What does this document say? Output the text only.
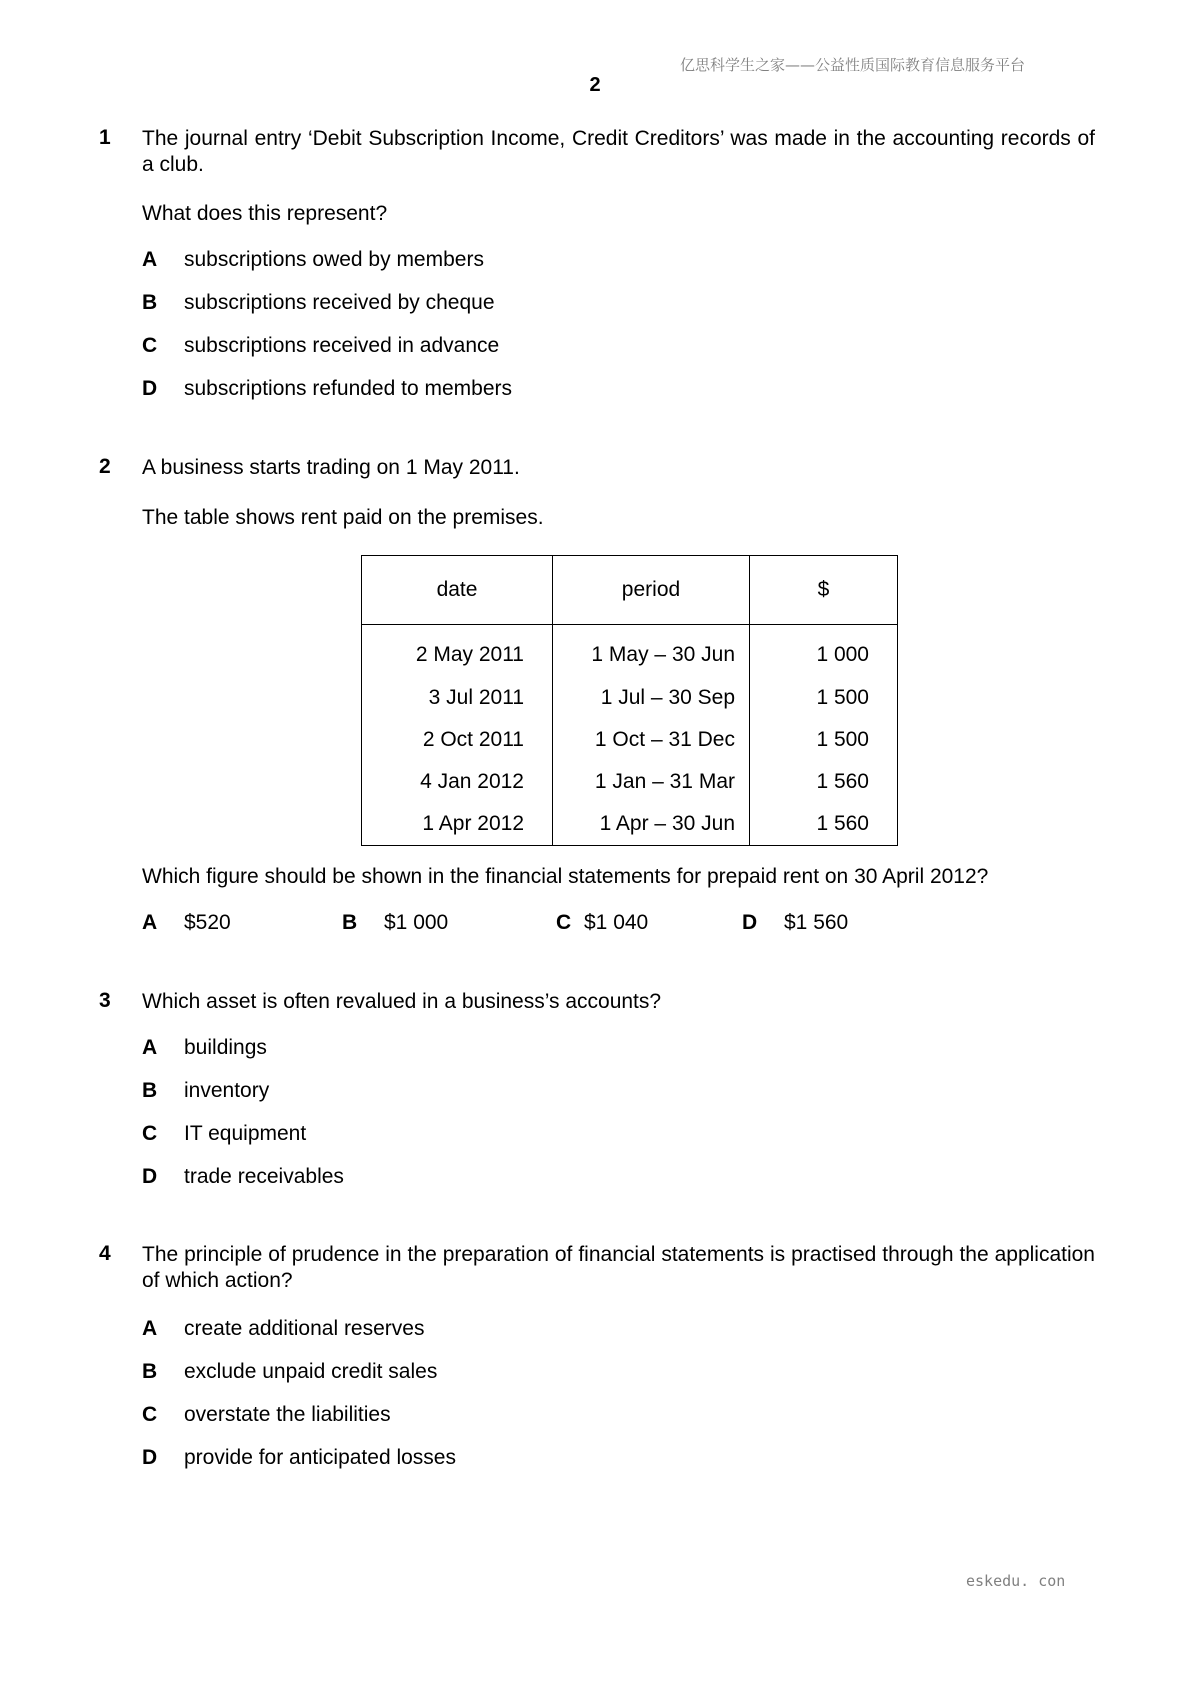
亿思科学生之家——公益性质国际教育信息服务平台
2
1 The journal entry ‘Debit Subscription Income, Credit Creditors’ was made in the accounting records of a club.
What does this represent?
A subscriptions owed by members
B subscriptions received by cheque
C subscriptions received in advance
D subscriptions refunded to members
2 A business starts trading on 1 May 2011.
The table shows rent paid on the premises.
date	period	$
2 May 2011	1 May – 30 Jun	1 000
3 Jul 2011	1 Jul – 30 Sep	1 500
2 Oct 2011	1 Oct – 31 Dec	1 500
4 Jan 2012	1 Jan – 31 Mar	1 560
1 Apr 2012	1 Apr – 30 Jun	1 560
Which figure should be shown in the financial statements for prepaid rent on 30 April 2012?
A $520	B $1 000	C $1 040	D $1 560
3 Which asset is often revalued in a business’s accounts?
A buildings
B inventory
C IT equipment
D trade receivables
4 The principle of prudence in the preparation of financial statements is practised through the application of which action?
A create additional reserves
B exclude unpaid credit sales
C overstate the liabilities
D provide for anticipated losses
eskedu. con
